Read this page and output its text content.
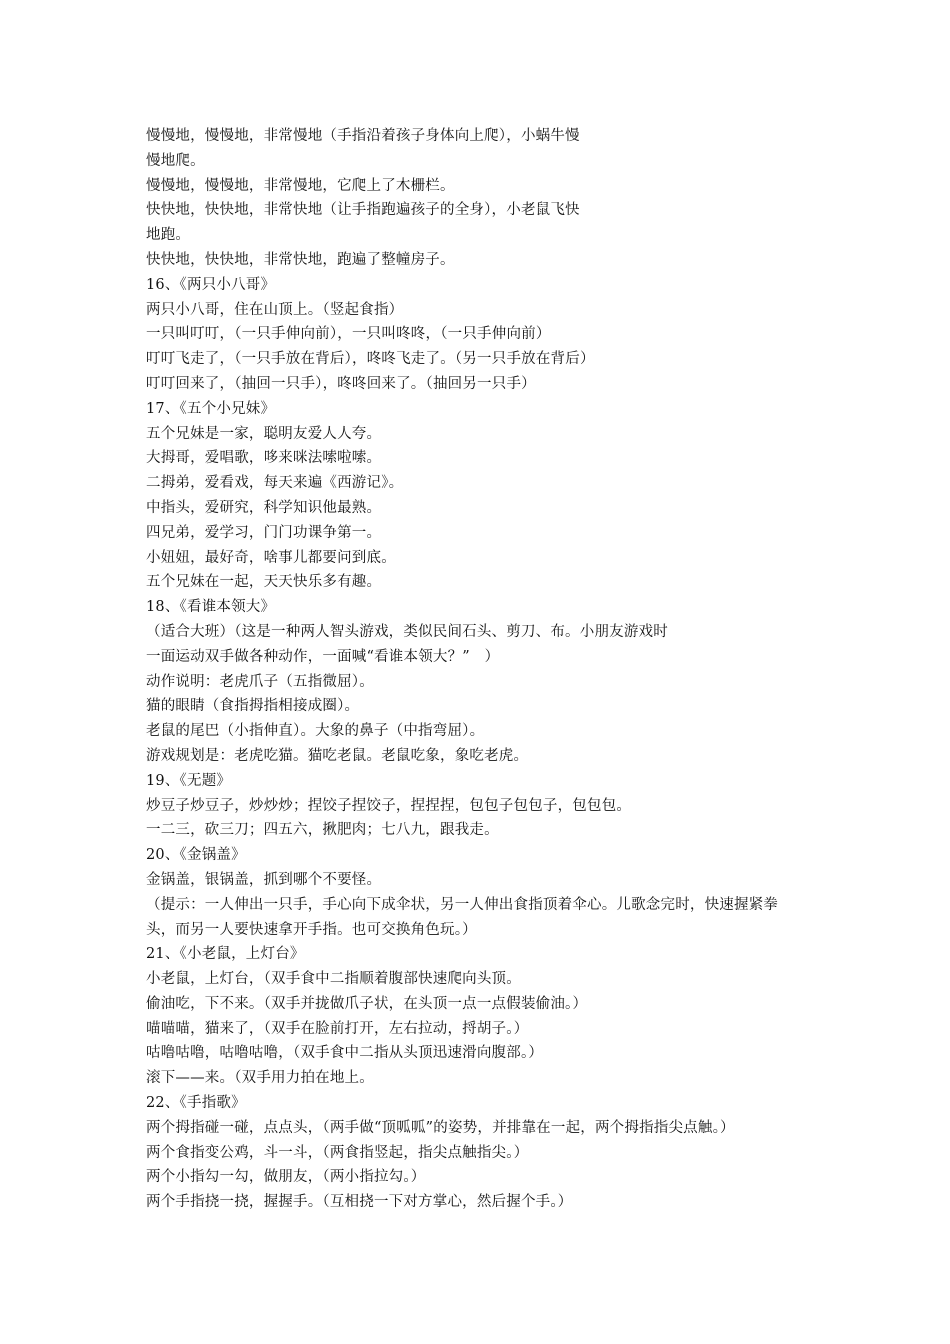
慢慢地，慢慢地，非常慢地（手指沿着孩子身体向上爬），小蜗牛慢
慢地爬。
慢慢地，慢慢地，非常慢地，它爬上了木栅栏。
快快地，快快地，非常快地（让手指跑遍孩子的全身），小老鼠飞快
地跑。
快快地，快快地，非常快地，跑遍了整幢房子。
16、《两只小八哥》
两只小八哥，住在山顶上。（竖起食指）
一只叫叮叮，（一只手伸向前），一只叫咚咚，（一只手伸向前）
叮叮飞走了，（一只手放在背后），咚咚飞走了。（另一只手放在背后）
叮叮回来了，（抽回一只手），咚咚回来了。（抽回另一只手）
17、《五个小兄妹》
五个兄妹是一家，聪明友爱人人夸。
大拇哥，爱唱歌，哆来咪法嗦啦嗦。
二拇弟，爱看戏，每天来遍《西游记》。
中指头，爱研究，科学知识他最熟。
四兄弟，爱学习，门门功课争第一。
小妞妞，最好奇，啥事儿都要问到底。
五个兄妹在一起，天天快乐多有趣。
18、《看谁本领大》
（适合大班）（这是一种两人智头游戏，类似民间石头、剪刀、布。小朋友游戏时
一面运动双手做各种动作，一面喊“看谁本领大？”　）
动作说明：老虎爪子（五指微屈）。
猫的眼睛（食指拇指相接成圈）。
老鼠的尾巴（小指伸直）。大象的鼻子（中指弯屈）。
游戏规划是：老虎吃猫。猫吃老鼠。老鼠吃象，象吃老虎。
19、《无题》
炒豆子炒豆子，炒炒炒；捏饺子捏饺子，捏捏捏，包包子包包子，包包包。
一二三，砍三刀；四五六，揪肥肉；七八九，跟我走。
20、《金锅盖》
金锅盖，银锅盖，抓到哪个不要怪。
（提示：一人伸出一只手，手心向下成伞状，另一人伸出食指顶着伞心。儿歌念完时，快速握紧拳
头，而另一人要快速拿开手指。也可交换角色玩。）
21、《小老鼠，上灯台》
小老鼠，上灯台，（双手食中二指顺着腹部快速爬向头顶。
偷油吃，下不来。（双手并拢做爪子状，在头顶一点一点假装偷油。）
喵喵喵，猫来了，（双手在脸前打开，左右拉动，捋胡子。）
咕噜咕噜，咕噜咕噜，（双手食中二指从头顶迅速滑向腹部。）
滚下——来。（双手用力拍在地上。
22、《手指歌》
两个拇指碰一碰，点点头，（两手做“顶呱呱”的姿势，并排靠在一起，两个拇指指尖点触。）
两个食指变公鸡，斗一斗，（两食指竖起，指尖点触指尖。）
两个小指勾一勾，做朋友，（两小指拉勾。）
两个手指挠一挠，握握手。（互相挠一下对方掌心，然后握个手。）
